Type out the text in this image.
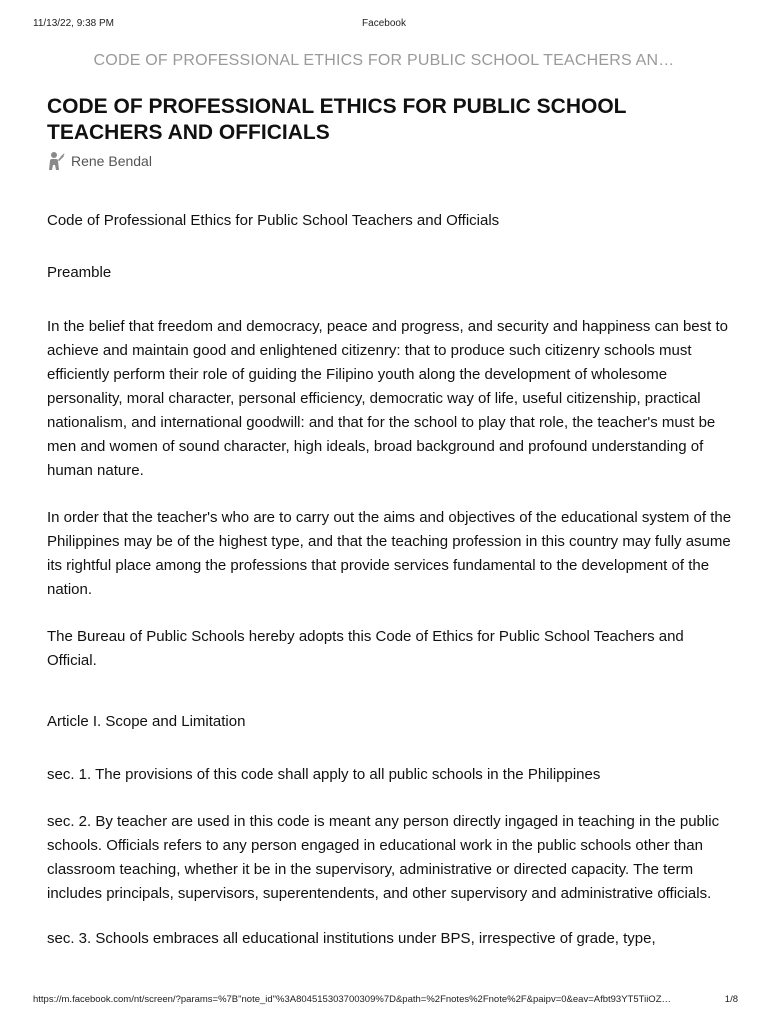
11/13/22, 9:38 PM	Facebook
CODE OF PROFESSIONAL ETHICS FOR PUBLIC SCHOOL TEACHERS AN…
CODE OF PROFESSIONAL ETHICS FOR PUBLIC SCHOOL TEACHERS AND OFFICIALS
Rene Bendal

Code of Professional Ethics for Public School Teachers and Officials

Preamble

In the belief that freedom and democracy, peace and progress, and security and happiness can best to achieve and maintain good and enlightened citizenry: that to produce such citizenry schools must efficiently perform their role of guiding the Filipino youth along the development of wholesome personality, moral character, personal efficiency, democratic way of life, useful citizenship, practical nationalism, and international goodwill: and that for the school to play that role, the teacher's must be men and women of sound character, high ideals, broad background and profound understanding of human nature.

In order that the teacher's who are to carry out the aims and objectives of the educational system of the Philippines may be of the highest type, and that the teaching profession in this country may fully asume its rightful place among the professions that provide services fundamental to the development of the nation.

The Bureau of Public Schools hereby adopts this Code of Ethics for Public School Teachers and Official.

Article I. Scope and Limitation

sec. 1. The provisions of this code shall apply to all public schools in the Philippines

sec. 2. By teacher are used in this code is meant any person directly ingaged in teaching in the public schools. Officials refers to any person engaged in educational work in the public schools other than classroom teaching, whether it be in the supervisory, administrative or directed capacity. The term includes principals, supervisors, superentendents, and other supervisory and administrative officials.

sec. 3. Schools embraces all educational institutions under BPS, irrespective of grade, type,

https://m.facebook.com/nt/screen/?params=%7B"note_id"%3A804515303700309%7D&path=%2Fnotes%2Fnote%2F&paipv=0&eav=Afbt93YT5TiiOZ…	1/8
